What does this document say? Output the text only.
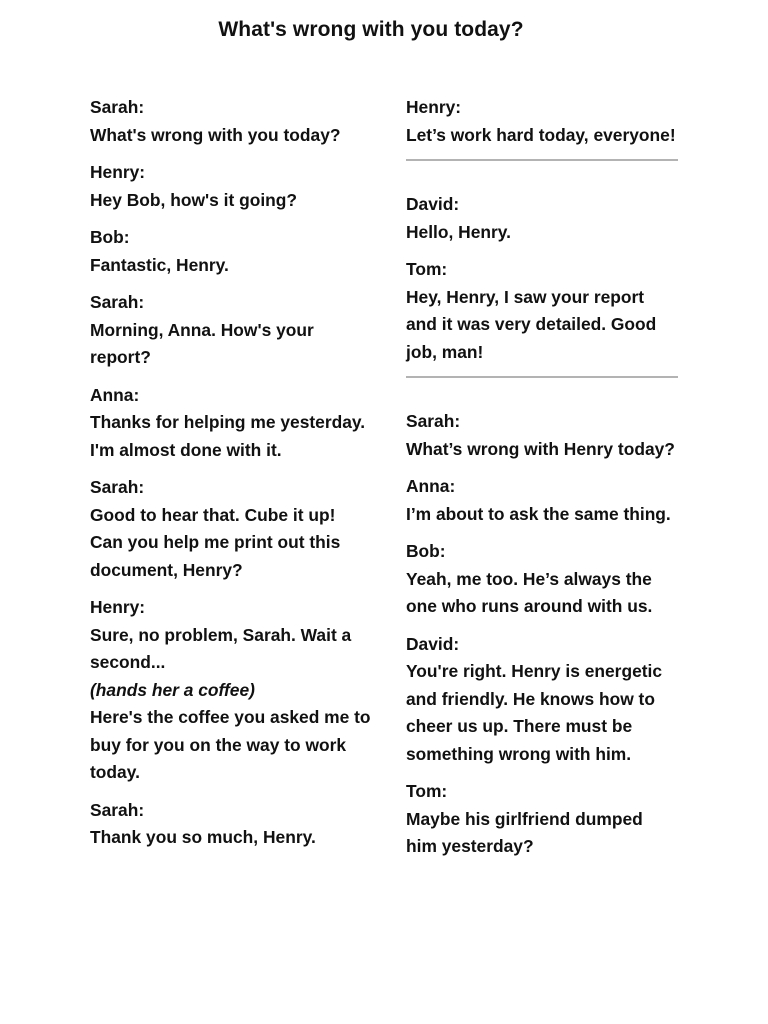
What's wrong with you today?
Sarah:
What's wrong with you today?
Henry:
Hey Bob, how's it going?
Bob:
Fantastic, Henry.
Sarah:
Morning, Anna. How's your report?
Anna:
Thanks for helping me yesterday. I'm almost done with it.
Sarah:
Good to hear that. Cube it up! Can you help me print out this document, Henry?
Henry:
Sure, no problem, Sarah. Wait a second...
(hands her a coffee)
Here's the coffee you asked me to buy for you on the way to work today.
Sarah:
Thank you so much, Henry.
Henry:
Let’s work hard today, everyone!
David:
Hello, Henry.
Tom:
Hey, Henry, I saw your report and it was very detailed. Good job, man!
Sarah:
What’s wrong with Henry today?
Anna:
I’m about to ask the same thing.
Bob:
Yeah, me too. He’s always the one who runs around with us.
David:
You're right. Henry is energetic and friendly. He knows how to cheer us up. There must be something wrong with him.
Tom:
Maybe his girlfriend dumped him yesterday?
